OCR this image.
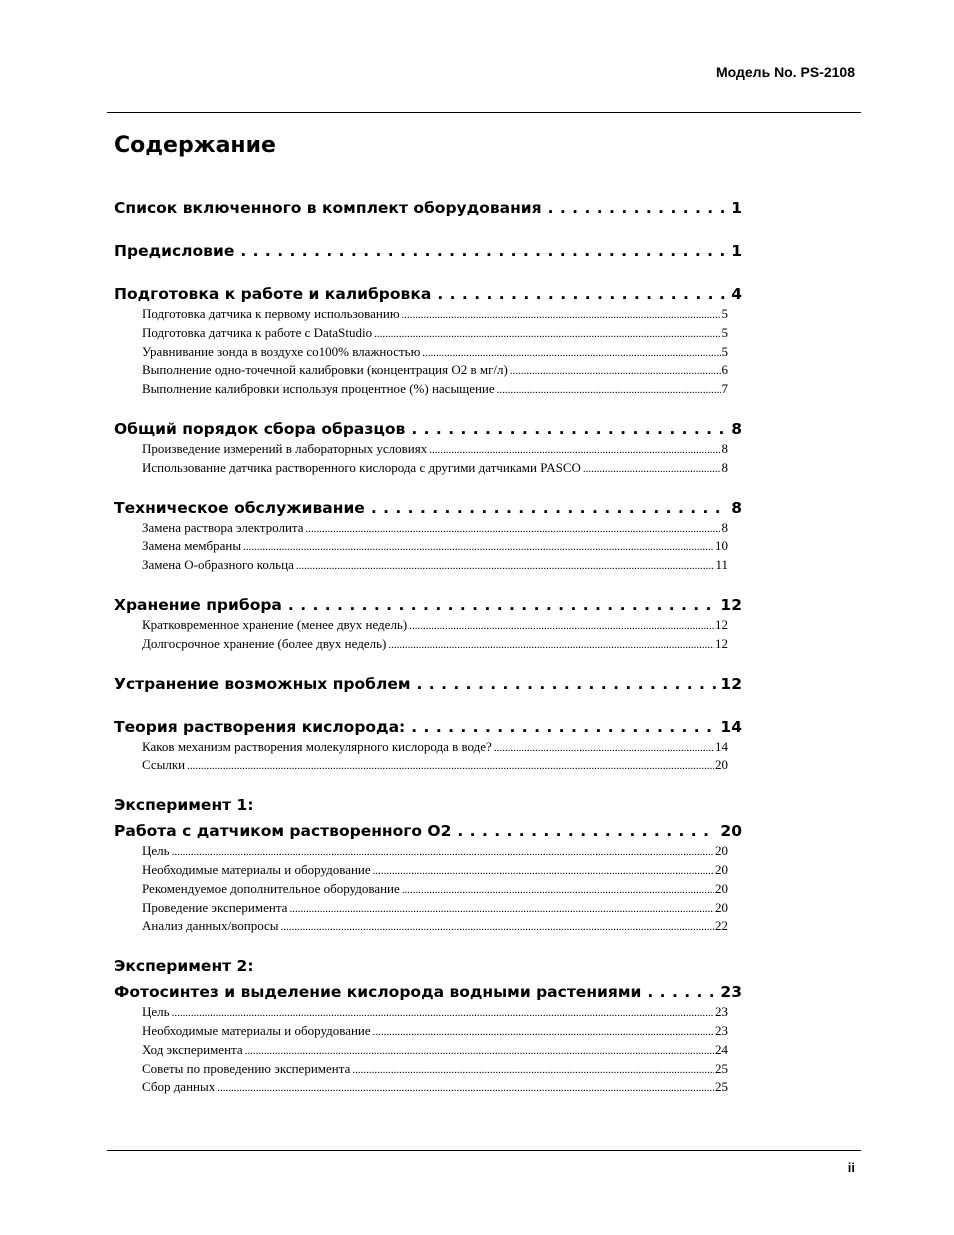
Модель No. PS-2108
Содержание
Список включенного в комплект оборудования . . .	1
Предисловие . . .	1
Подготовка к работе и калибровка . . .	4
Подготовка датчика к первому использованию .....	5
Подготовка датчика к работе с DataStudio .....	5
Уравнивание зонда в воздухе со100% влажностью .....	5
Выполнение одно-точечной калибровки (концентрация O2 в мг/л) .....	6
Выполнение калибровки используя процентное (%) насыщение .....	7
Общий порядок сбора образцов . . .	8
Произведение измерений в лабораторных условиях .....	8
Использование датчика растворенного кислорода с другими датчиками PASCO .....	8
Техническое обслуживание . . .	8
Замена раствора электролита .....	8
Замена мембраны .....	10
Замена O-образного кольца .....	11
Хранение прибора . . .	12
Кратковременное хранение (менее двух недель) .....	12
Долгосрочное хранение (более двух недель) .....	12
Устранение возможных проблем . . .	12
Теория растворения кислорода: . . .	14
Каков механизм растворения молекулярного кислорода в воде? .....	14
Ссылки .....	20
Эксперимент 1:
Работа с датчиком растворенного O2 . . .	20
Цель .....	20
Необходимые материалы и оборудование .....	20
Рекомендуемое дополнительное оборудование .....	20
Проведение эксперимента .....	20
Анализ данных/вопросы .....	22
Эксперимент 2:
Фотосинтез и выделение кислорода водными растениями . . .	23
Цель .....	23
Необходимые материалы и оборудование .....	23
Ход эксперимента .....	24
Советы по проведению эксперимента .....	25
Сбор данных .....	25
ii
